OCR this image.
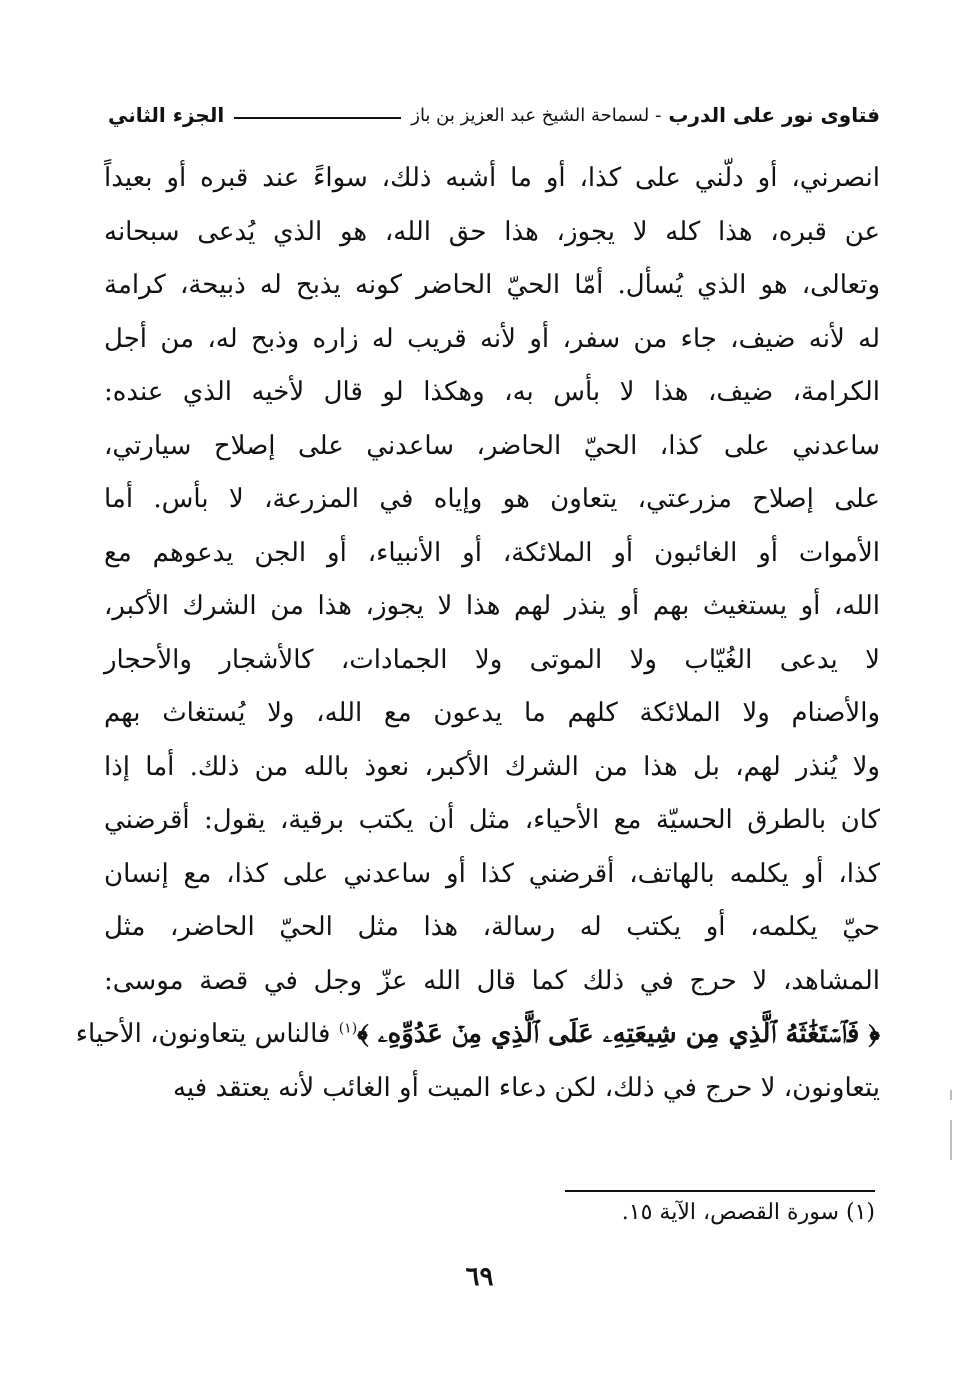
فتاوى نور على الدرب

- لسماحة الشيخ عبد العزيز بن باز
الجزء الثاني
انصرني، أو دلّني على كذا، أو ما أشبه ذلك، سواءً عند قبره أو بعيداً
عن قبره، هذا كله لا يجوز، هذا حق الله، هو الذي يُدعى سبحانه
وتعالى، هو الذي يُسأل. أمّا الحيّ الحاضر كونه يذبح له ذبيحة، كرامة
له لأنه ضيف، جاء من سفر، أو لأنه قريب له زاره وذبح له، من أجل
الكرامة، ضيف، هذا لا بأس به، وهكذا لو قال لأخيه الذي عنده:
ساعدني على كذا، الحيّ الحاضر، ساعدني على إصلاح سيارتي،
على إصلاح مزرعتي، يتعاون هو وإياه في المزرعة، لا بأس. أما
الأموات أو الغائبون أو الملائكة، أو الأنبياء، أو الجن يدعوهم مع
الله، أو يستغيث بهم أو ينذر لهم هذا لا يجوز، هذا من الشرك الأكبر،
لا يدعى الغُيّاب ولا الموتى ولا الجمادات، كالأشجار والأحجار
والأصنام ولا الملائكة كلهم ما يدعون مع الله، ولا يُستغاث بهم
ولا يُنذر لهم، بل هذا من الشرك الأكبر، نعوذ بالله من ذلك. أما إذا
كان بالطرق الحسيّة مع الأحياء، مثل أن يكتب برقية، يقول: أقرضني
كذا، أو يكلمه بالهاتف، أقرضني كذا أو ساعدني على كذا، مع إنسان
حيّ يكلمه، أو يكتب له رسالة، هذا مثل الحيّ الحاضر، مثل
المشاهد، لا حرج في ذلك كما قال الله عزّ وجل في قصة موسى:
﴿ فَٱسۡتَغَٰثَهُ ٱلَّذِي مِن شِيعَتِهِۦ عَلَى ٱلَّذِي مِنۡ عَدُوِّهِۦ ﴾$^{(١)}$ فالناس يتعاونون، الأحياء
يتعاونون، لا حرج في ذلك، لكن دعاء الميت أو الغائب لأنه يعتقد فيه
(١) سورة القصص، الآية ١٥.
٦٩
